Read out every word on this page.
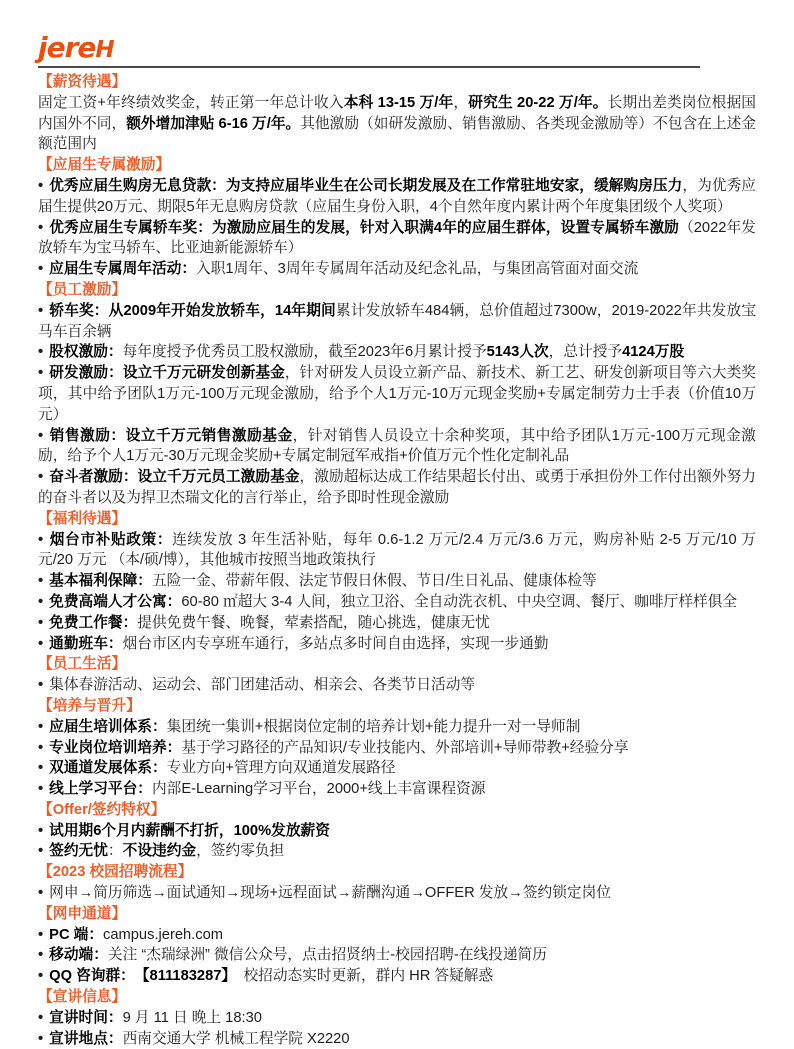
jereH
【薪资待遇】
固定工资+年终绩效奖金，转正第一年总计收入本科 13-15 万/年，研究生 20-22 万/年。长期出差类岗位根据国内国外不同，额外增加津贴 6-16 万/年。其他激励（如研发激励、销售激励、各类现金激励等）不包含在上述金额范围内
【应届生专属激励】
• 优秀应届生购房无息贷款：为支持应届毕业生在公司长期发展及在工作常驻地安家，缓解购房压力，为优秀应届生提供20万元、期限5年无息购房贷款（应届生身份入职，4个自然年度内累计两个年度集团级个人奖项）
• 优秀应届生专属轿车奖：为激励应届生的发展，针对入职满4年的应届生群体，设置专属轿车激励（2022年发放轿车为宝马轿车、比亚迪新能源轿车）
• 应届生专属周年活动：入职1周年、3周年专属周年活动及纪念礼品，与集团高管面对面交流
【员工激励】
• 轿车奖：从2009年开始发放轿车，14年期间累计发放轿车484辆，总价值超过7300w，2019-2022年共发放宝马车百余辆
• 股权激励：每年度授予优秀员工股权激励，截至2023年6月累计授予5143人次，总计授予4124万股
• 研发激励：设立千万元研发创新基金，针对研发人员设立新产品、新技术、新工艺、研发创新项目等六大类奖项，其中给予团队1万元-100万元现金激励，给予个人1万元-10万元现金奖励+专属定制劳力士手表（价值10万元）
• 销售激励：设立千万元销售激励基金，针对销售人员设立十余种奖项，其中给予团队1万元-100万元现金激励，给予个人1万元-30万元现金奖励+专属定制冠军戒指+价值万元个性化定制礼品
• 奋斗者激励：设立千万元员工激励基金，激励超标达成工作结果超长付出、或勇于承担份外工作付出额外努力的奋斗者以及为捍卫杰瑞文化的言行举止，给予即时性现金激励
【福利待遇】
• 烟台市补贴政策：连续发放 3 年生活补贴，每年 0.6-1.2 万元/2.4 万元/3.6 万元，购房补贴 2-5 万元/10 万元/20 万元 （本/硕/博），其他城市按照当地政策执行
• 基本福利保障：五险一金、带薪年假、法定节假日休假、节日/生日礼品、健康体检等
• 免费高端人才公寓：60-80 ㎡超大 3-4 人间，独立卫浴、全自动洗衣机、中央空调、餐厅、咖啡厅样样俱全
• 免费工作餐：提供免费午餐、晚餐，荤素搭配，随心挑选，健康无忧
• 通勤班车：烟台市区内专享班车通行，多站点多时间自由选择，实现一步通勤
【员工生活】
• 集体春游活动、运动会、部门团建活动、相亲会、各类节日活动等
【培养与晋升】
• 应届生培训体系：集团统一集训+根据岗位定制的培养计划+能力提升一对一导师制
• 专业岗位培训培养：基于学习路径的产品知识/专业技能内、外部培训+导师带教+经验分享
• 双通道发展体系：专业方向+管理方向双通道发展路径
• 线上学习平台：内部E-Learning学习平台，2000+线上丰富课程资源
【Offer/签约特权】
• 试用期6个月内薪酬不打折，100%发放薪资
• 签约无忧：不设违约金，签约零负担
【2023 校园招聘流程】
• 网申→简历筛选→面试通知→现场+远程面试→薪酬沟通→OFFER 发放→签约锁定岗位
【网申通道】
• PC 端：campus.jereh.com
• 移动端：关注 “杰瑞绿洲” 微信公众号，点击招贤纳士-校园招聘-在线投递简历
• QQ 咨询群：　 【811183287】　校招动态实时更新，群内 HR 答疑解惑
【宣讲信息】
• 宣讲时间：9 月 11 日 晚上 18:30
• 宣讲地点：西南交通大学 机械工程学院 X2220
